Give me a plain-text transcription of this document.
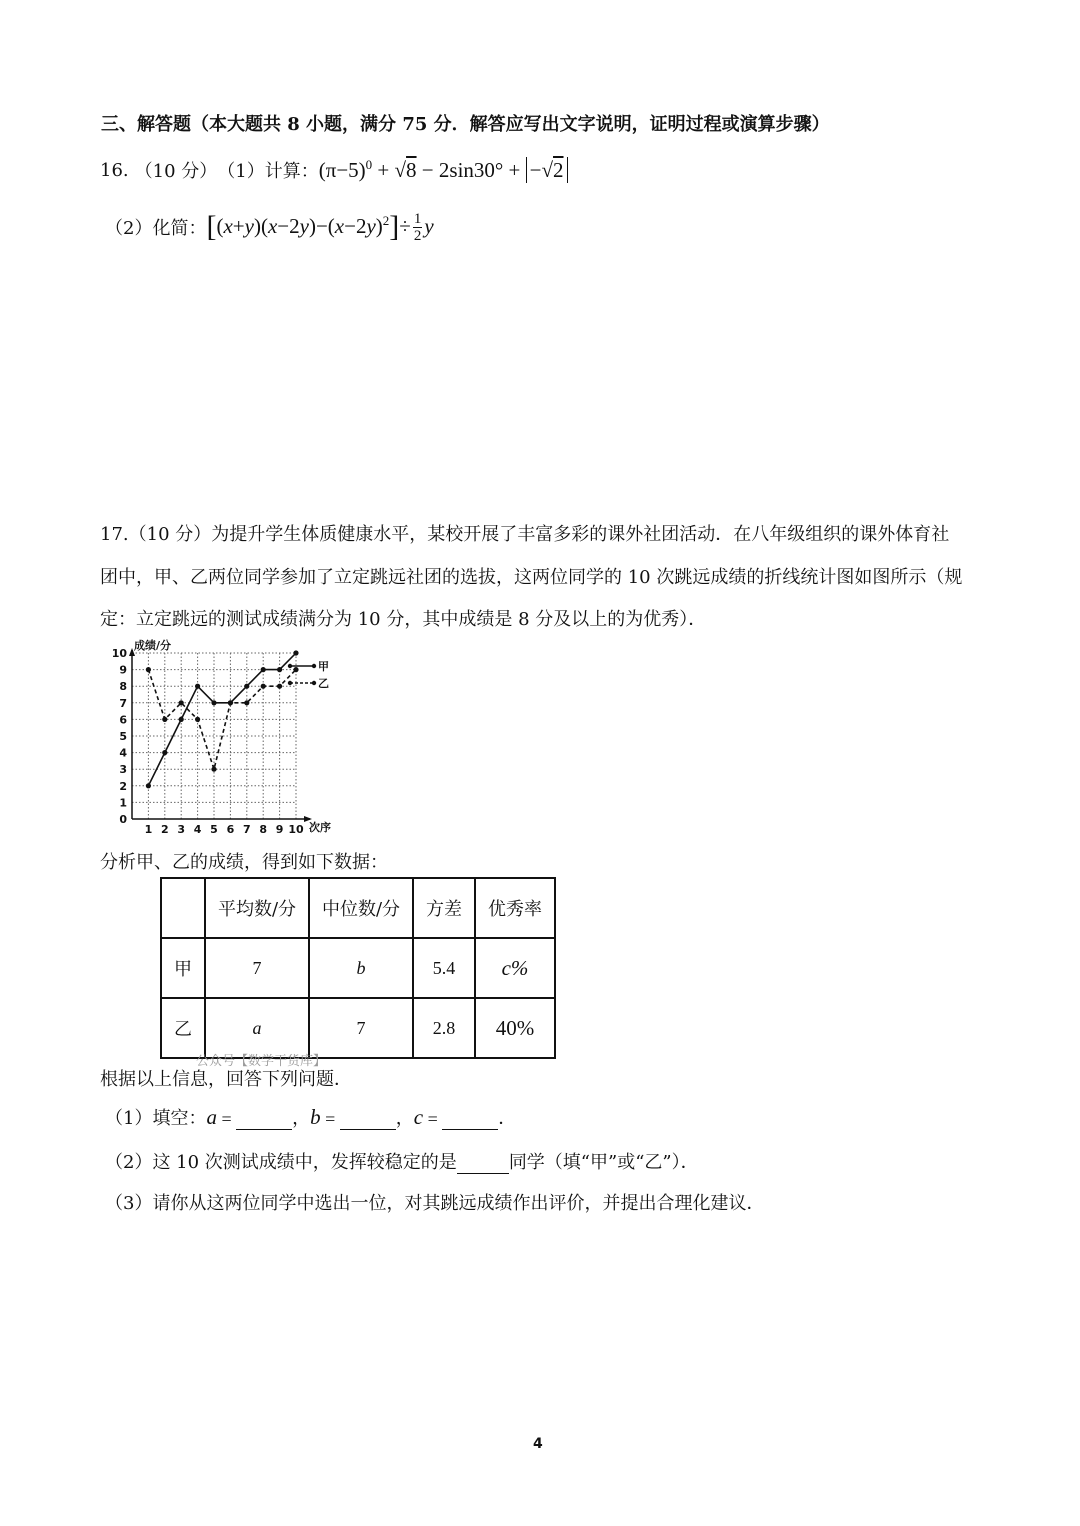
三、解答题（本大题共 8 小题，满分 75 分．解答应写出文字说明，证明过程或演算步骤）
16. （10 分） （1）计算： $(\pi-5)^0 + √8 - 2\sin 30^\circ + -√2$
（2）化简： $[(x+y)(x-2y)-(x-2y)^2]\div \frac{1}{2}$ y
17.（10 分）为提升学生体质健康水平，某校开展了丰富多彩的课外社团活动．在八年级组织的课外体育社
团中，甲、乙两位同学参加了立定跳远社团的选拔，这两位同学的 10 次跳远成绩的折线统计图如图所示（规
定：立定跳远的测试成绩满分为 10 分，其中成绩是 8 分及以上的为优秀）．
0
1
2
3
4
5
6
7
8
9
10
1 2 3 4 5 6 7 8 9 10
成绩/分
次序
甲
乙
分析甲、乙的成绩，得到如下数据：
	平均数/分	中位数/分	方差	优秀率
甲	7	b	5.4	c%
乙	a	7	2.8	40%
公众号【数学干货库】
根据以上信息，回答下列问题．
（1）填空： a =	， b =	， c =	．
（2）这 10 次测试成绩中，发挥较稳定的是	同学（填“甲”或“乙”）．
（3）请你从这两位同学中选出一位，对其跳远成绩作出评价，并提出合理化建议．
4
